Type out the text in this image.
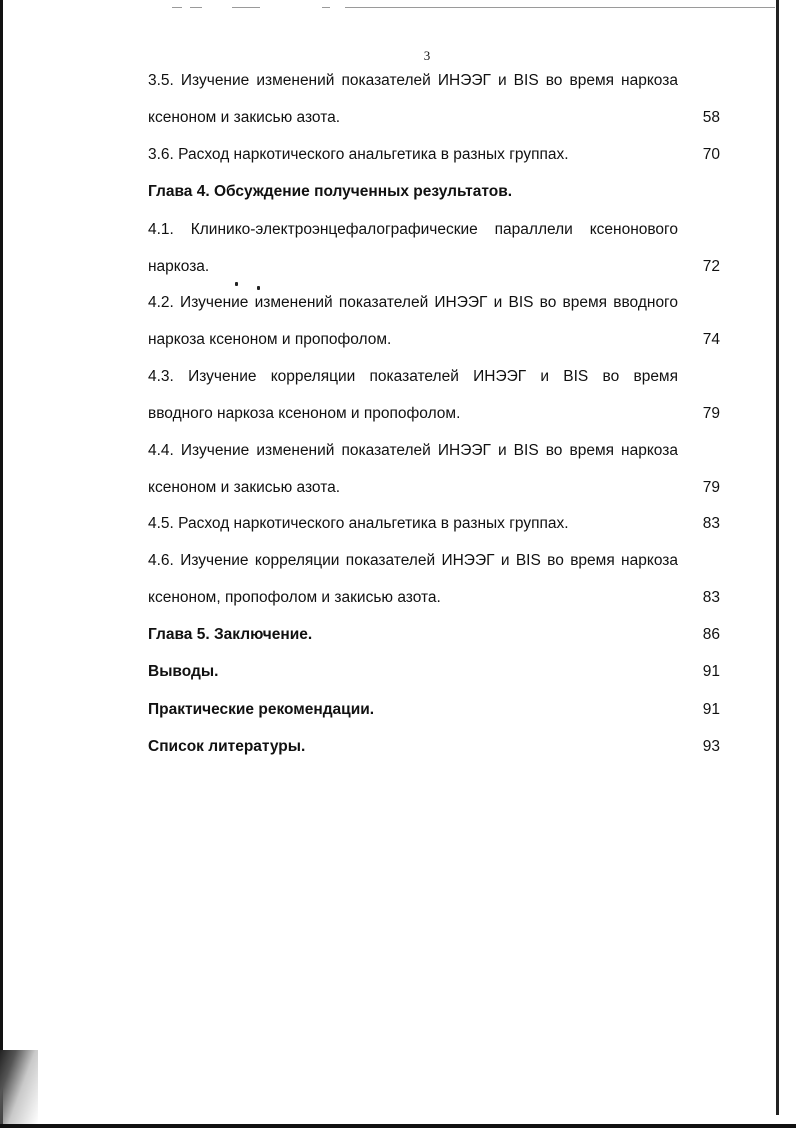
3
3.5. Изучение изменений показателей ИНЭЭГ и BIS во время наркоза
ксеноном и закисью азота.	58
3.6. Расход наркотического анальгетика в разных группах.	70
Глава 4. Обсуждение полученных результатов.
4.1. Клинико-электроэнцефалографические параллели ксенонового
наркоза.	72
4.2. Изучение изменений показателей ИНЭЭГ и BIS во время вводного
наркоза ксеноном и пропофолом.	74
4.3. Изучение корреляции показателей ИНЭЭГ и BIS во время
вводного наркоза ксеноном и пропофолом.	79
4.4. Изучение изменений показателей ИНЭЭГ и BIS во время наркоза
ксеноном и закисью азота.	79
4.5. Расход наркотического анальгетика в разных группах.	83
4.6. Изучение корреляции показателей ИНЭЭГ и BIS во время наркоза
ксеноном, пропофолом и закисью азота.	83
Глава 5. Заключение.	86
Выводы.	91
Практические рекомендации.	91
Список литературы.	93
